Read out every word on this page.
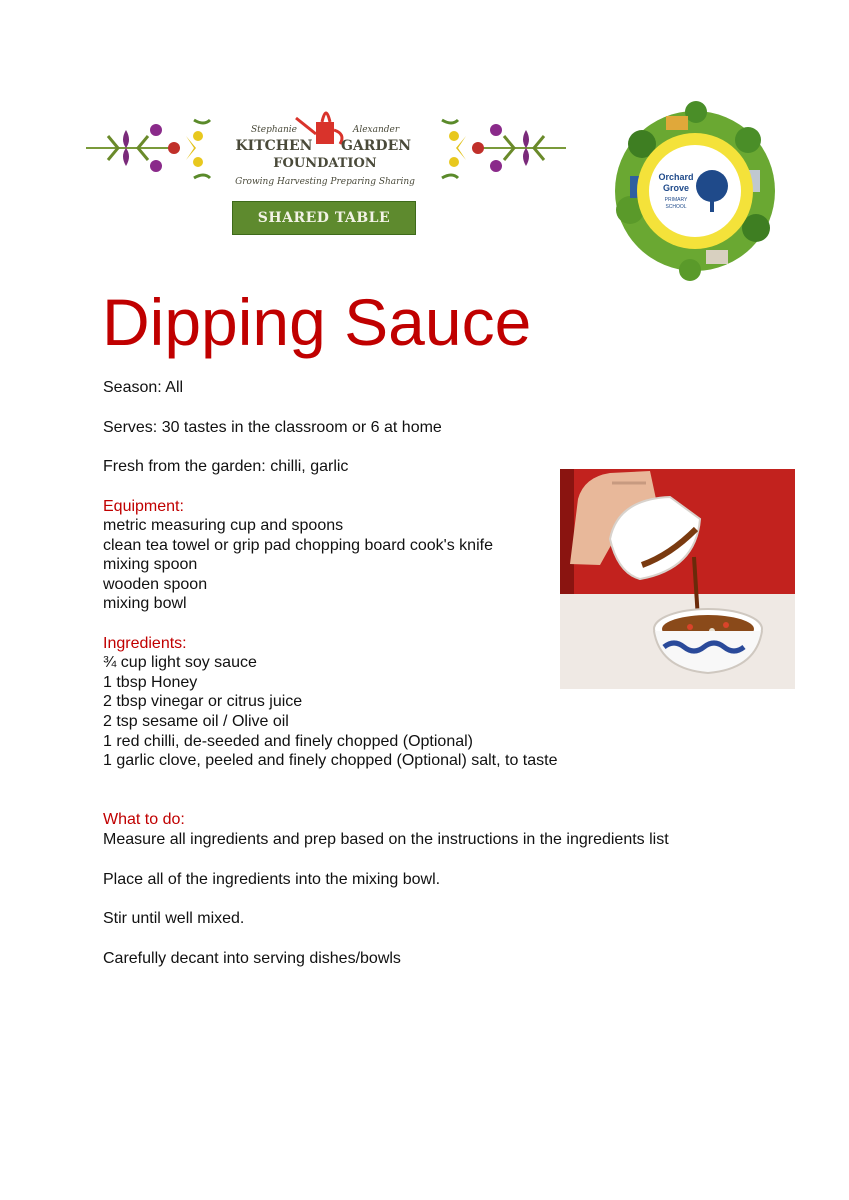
Stephanie	Alexander
KITCHEN GARDEN
FOUNDATION
Growing Harvesting Preparing Sharing
SHARED TABLE
Orchard
Grove
PRIMARY
SCHOOL
Dipping Sauce
Season: All
Serves: 30 tastes in the classroom or 6 at home
Fresh from the garden: chilli, garlic
Equipment:
metric measuring cup and spoons
clean tea towel or grip pad chopping board cook's knife
mixing spoon
wooden spoon
mixing bowl
Ingredients:
¾ cup light soy sauce
1 tbsp Honey
2 tbsp vinegar or citrus juice
2 tsp sesame oil / Olive oil
1 red chilli, de-seeded and finely chopped (Optional)
1 garlic clove, peeled and finely chopped (Optional) salt, to taste
What to do:
Measure all ingredients and prep based on the instructions in the ingredients list
Place all of the ingredients into the mixing bowl.
Stir until well mixed.
Carefully decant into serving dishes/bowls
